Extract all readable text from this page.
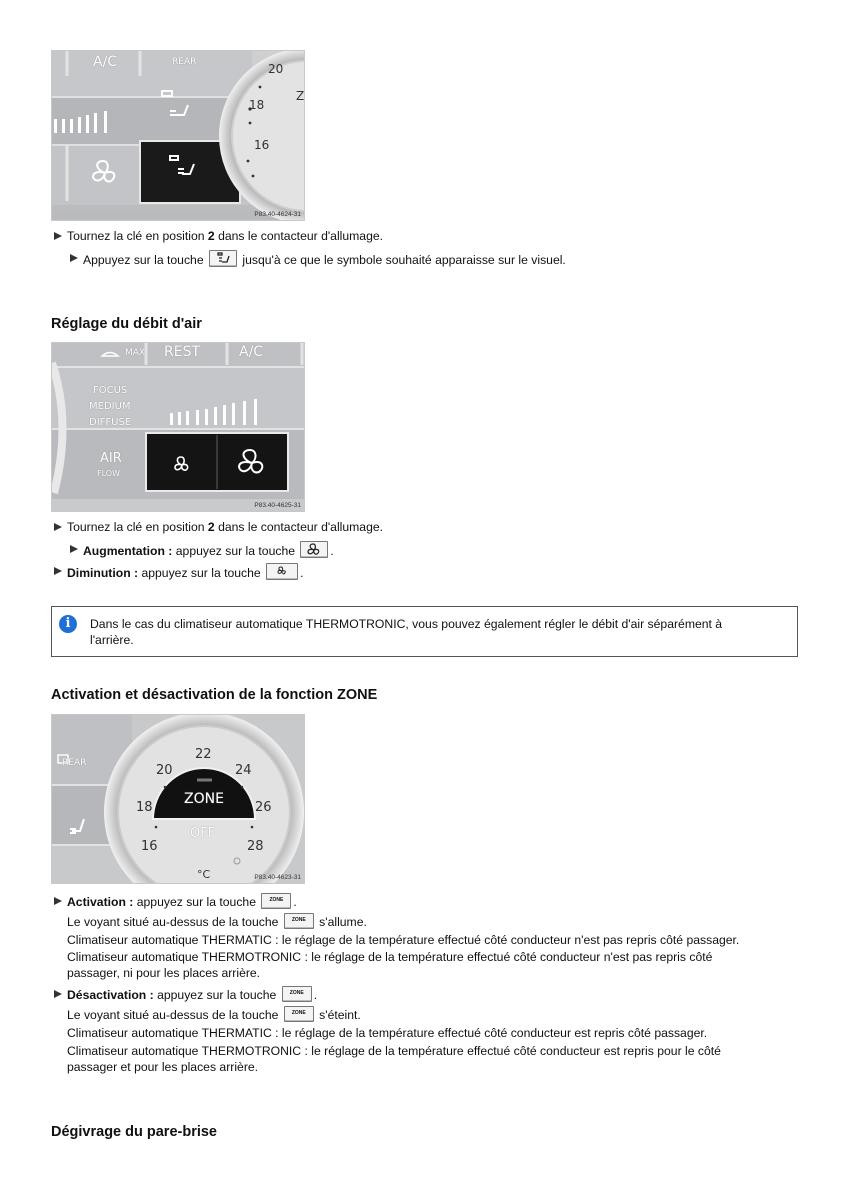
A/C	REAR	20
18
16
Z
P83.40-4624-31
Tournez la clé en position 2 dans le contacteur d'allumage.
Appuyez sur la touche	jusqu'à ce que le symbole souhaité apparaisse sur le visuel.
Réglage du débit d'air
MAX REST	A/C
FOCUS
MEDIUM
DIFFUSE
AIR
FLOW
P83.40-4625-31
Tournez la clé en position 2 dans le contacteur d'allumage.
Augmentation : appuyez sur la touche	.
Diminution : appuyez sur la touche	.
i	Dans le cas du climatiseur automatique THERMOTRONIC, vous pouvez également régler le débit d'air séparément à
l'arrière.
Activation et désactivation de la fonction ZONE
REAR
22
20	24
18	26
16	28
ZONE
OFF
°C	P83.40-4623-31
Activation : appuyez sur la touche	ZONE .
Le voyant situé au-dessus de la touche	ZONE s'allume.
Climatiseur automatique THERMATIC : le réglage de la température effectué côté conducteur n'est pas repris côté passager.
Climatiseur automatique THERMOTRONIC : le réglage de la température effectué côté conducteur n'est pas repris côté
passager, ni pour les places arrière.
Désactivation : appuyez sur la touche	ZONE .
Le voyant situé au-dessus de la touche	ZONE s'éteint.
Climatiseur automatique THERMATIC : le réglage de la température effectué côté conducteur est repris côté passager.
Climatiseur automatique THERMOTRONIC : le réglage de la température effectué côté conducteur est repris pour le côté
passager et pour les places arrière.
Dégivrage du pare-brise
